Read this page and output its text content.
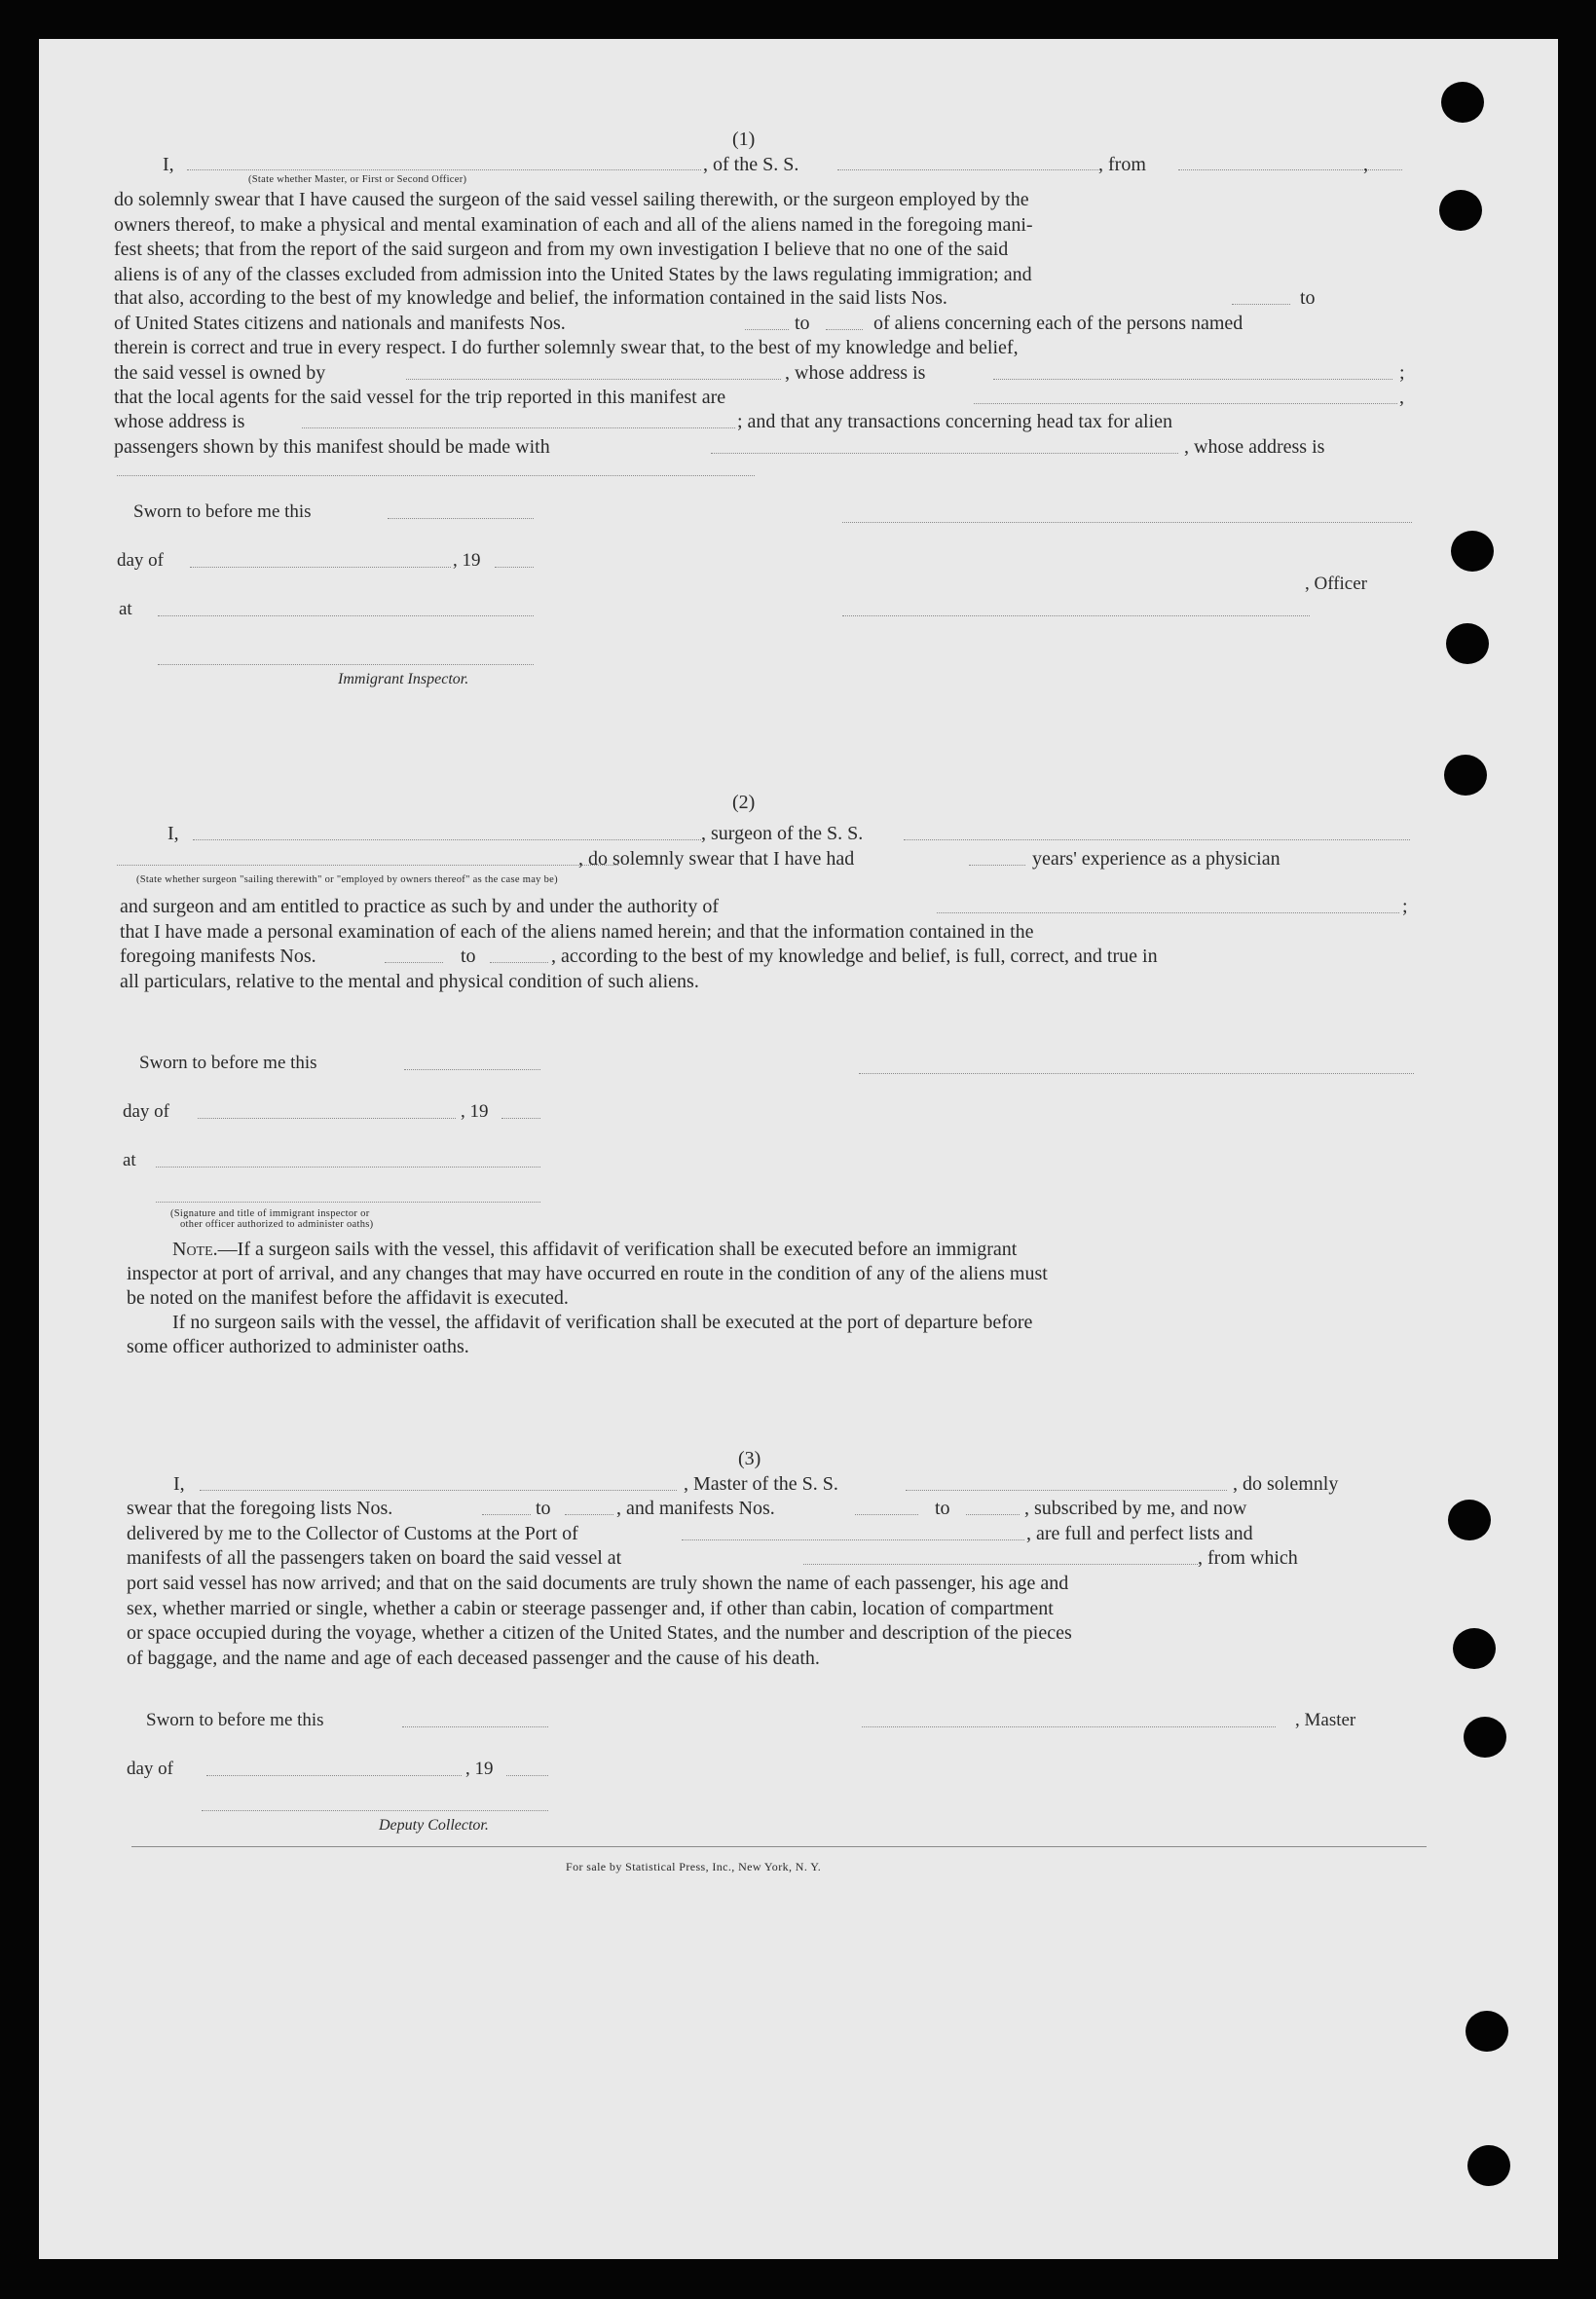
(1)
I,
(State whether Master, or First or Second Officer)
, of the S. S.	, from	,
do solemnly swear that I have caused the surgeon of the said vessel sailing therewith, or the surgeon employed by the
owners thereof, to make a physical and mental examination of each and all of the aliens named in the foregoing mani-
fest sheets; that from the report of the said surgeon and from my own investigation I believe that no one of the said
aliens is of any of the classes excluded from admission into the United States by the laws regulating immigration; and
that also, according to the best of my knowledge and belief, the information contained in the said lists Nos.	to
of United States citizens and nationals and manifests Nos.	to	of aliens concerning each of the persons named
therein is correct and true in every respect. I do further solemnly swear that, to the best of my knowledge and belief,
the said vessel is owned by	, whose address is	;
that the local agents for the said vessel for the trip reported in this manifest are	,
whose address is	; and that any transactions concerning head tax for alien
passengers shown by this manifest should be made with	, whose address is
Sworn to before me this
day of	, 19
at
, Officer
Immigrant Inspector.
(2)
I,	, surgeon of the S. S.
, do solemnly swear that I have had	years' experience as a physician
(State whether surgeon "sailing therewith" or "employed by owners thereof" as the case may be)
and surgeon and am entitled to practice as such by and under the authority of	;
that I have made a personal examination of each of the aliens named herein; and that the information contained in the
foregoing manifests Nos.	to	, according to the best of my knowledge and belief, is full, correct, and true in
all particulars, relative to the mental and physical condition of such aliens.
Sworn to before me this
day of	, 19
at
(Signature and title of immigrant inspector or
other officer authorized to administer oaths)
Note.—If a surgeon sails with the vessel, this affidavit of verification shall be executed before an immigrant
inspector at port of arrival, and any changes that may have occurred en route in the condition of any of the aliens must
be noted on the manifest before the affidavit is executed.
If no surgeon sails with the vessel, the affidavit of verification shall be executed at the port of departure before
some officer authorized to administer oaths.
(3)
I,	, Master of the S. S.	, do solemnly
swear that the foregoing lists Nos.	to	, and manifests Nos.	to	, subscribed by me, and now
delivered by me to the Collector of Customs at the Port of	, are full and perfect lists and
manifests of all the passengers taken on board the said vessel at	, from which
port said vessel has now arrived; and that on the said documents are truly shown the name of each passenger, his age and
sex, whether married or single, whether a cabin or steerage passenger and, if other than cabin, location of compartment
or space occupied during the voyage, whether a citizen of the United States, and the number and description of the pieces
of baggage, and the name and age of each deceased passenger and the cause of his death.
Sworn to before me this	, Master
day of	, 19
Deputy Collector.
For sale by Statistical Press, Inc., New York, N. Y.
